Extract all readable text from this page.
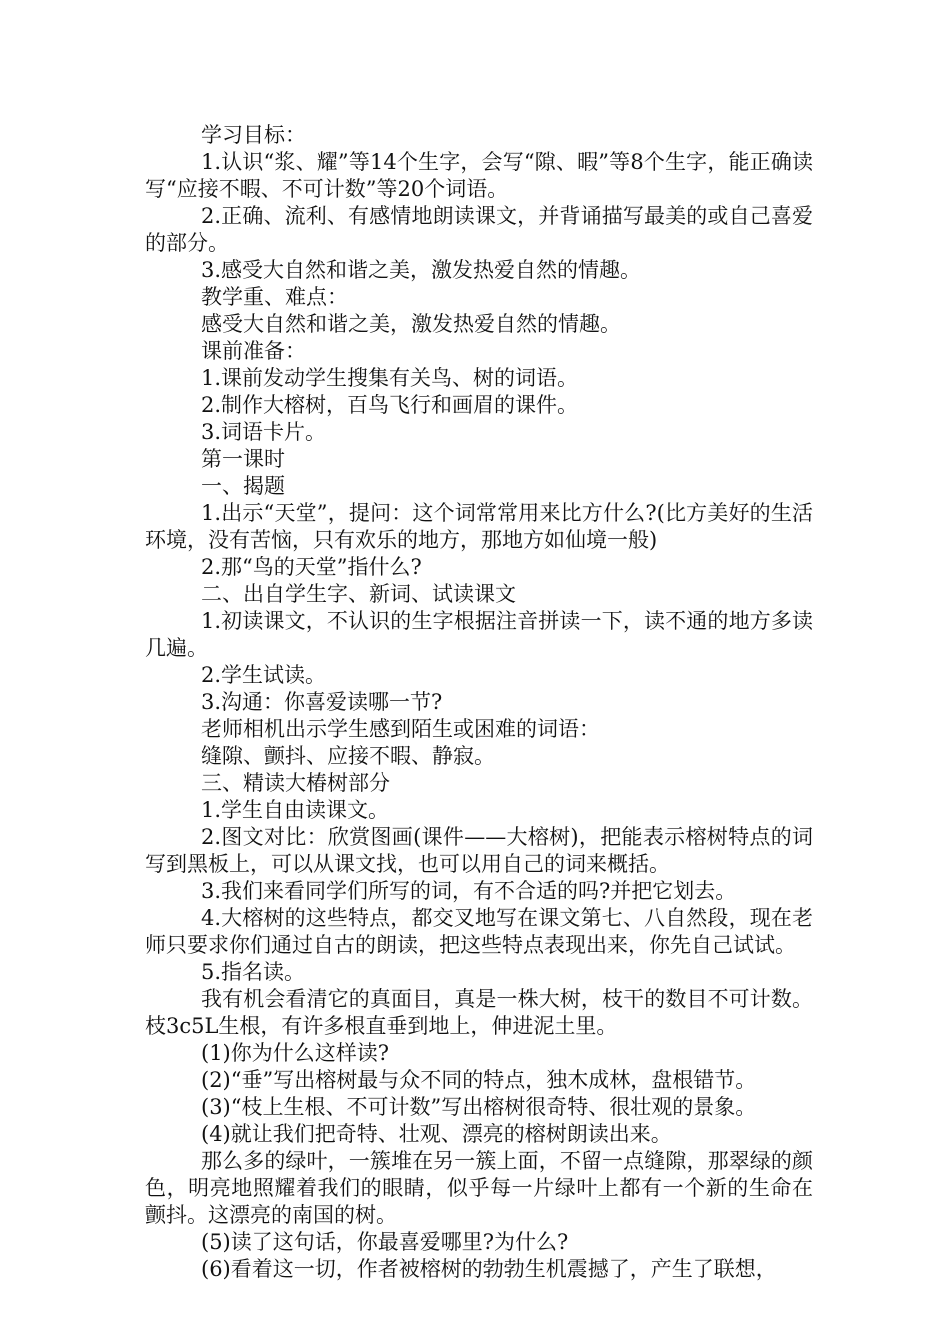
学习目标：

1.认识“浆、耀”等14个生字，会写“隙、暇”等8个生字，能正确读写“应接不暇、不可计数”等20个词语。

2.正确、流利、有感情地朗读课文，并背诵描写最美的或自己喜爱的部分。

3.感受大自然和谐之美，激发热爱自然的情趣。

教学重、难点：

感受大自然和谐之美，激发热爱自然的情趣。

课前准备：

1.课前发动学生搜集有关鸟、树的词语。

2.制作大榕树，百鸟飞行和画眉的课件。

3.词语卡片。

第一课时

一、揭题

1.出示“天堂”，提问：这个词常常用来比方什么?(比方美好的生活环境，没有苦恼，只有欢乐的地方，那地方如仙境一般)

2.那“鸟的天堂”指什么?

二、出自学生字、新词、试读课文

1.初读课文，不认识的生字根据注音拼读一下，读不通的地方多读几遍。

2.学生试读。

3.沟通：你喜爱读哪一节?

老师相机出示学生感到陌生或困难的词语：

缝隙、颤抖、应接不暇、静寂。

三、精读大椿树部分

1.学生自由读课文。

2.图文对比：欣赏图画(课件——大榕树)，把能表示榕树特点的词写到黑板上，可以从课文找，也可以用自己的词来概括。

3.我们来看同学们所写的词，有不合适的吗?并把它划去。

4.大榕树的这些特点，都交叉地写在课文第七、八自然段，现在老师只要求你们通过自古的朗读，把这些特点表现出来，你先自己试试。

5.指名读。

我有机会看清它的真面目，真是一株大树，枝干的数目不可计数。枝3c5L生根，有许多根直垂到地上，伸进泥土里。

(1)你为什么这样读?

(2)“垂”写出榕树最与众不同的特点，独木成林，盘根错节。

(3)“枝上生根、不可计数”写出榕树很奇特、很壮观的景象。

(4)就让我们把奇特、壮观、漂亮的榕树朗读出来。

那么多的绿叶，一簇堆在另一簇上面，不留一点缝隙，那翠绿的颜色，明亮地照耀着我们的眼睛，似乎每一片绿叶上都有一个新的生命在颤抖。这漂亮的南国的树。

(5)读了这句话，你最喜爱哪里?为什么?

(6)看着这一切，作者被榕树的勃勃生机震撼了，产生了联想，
